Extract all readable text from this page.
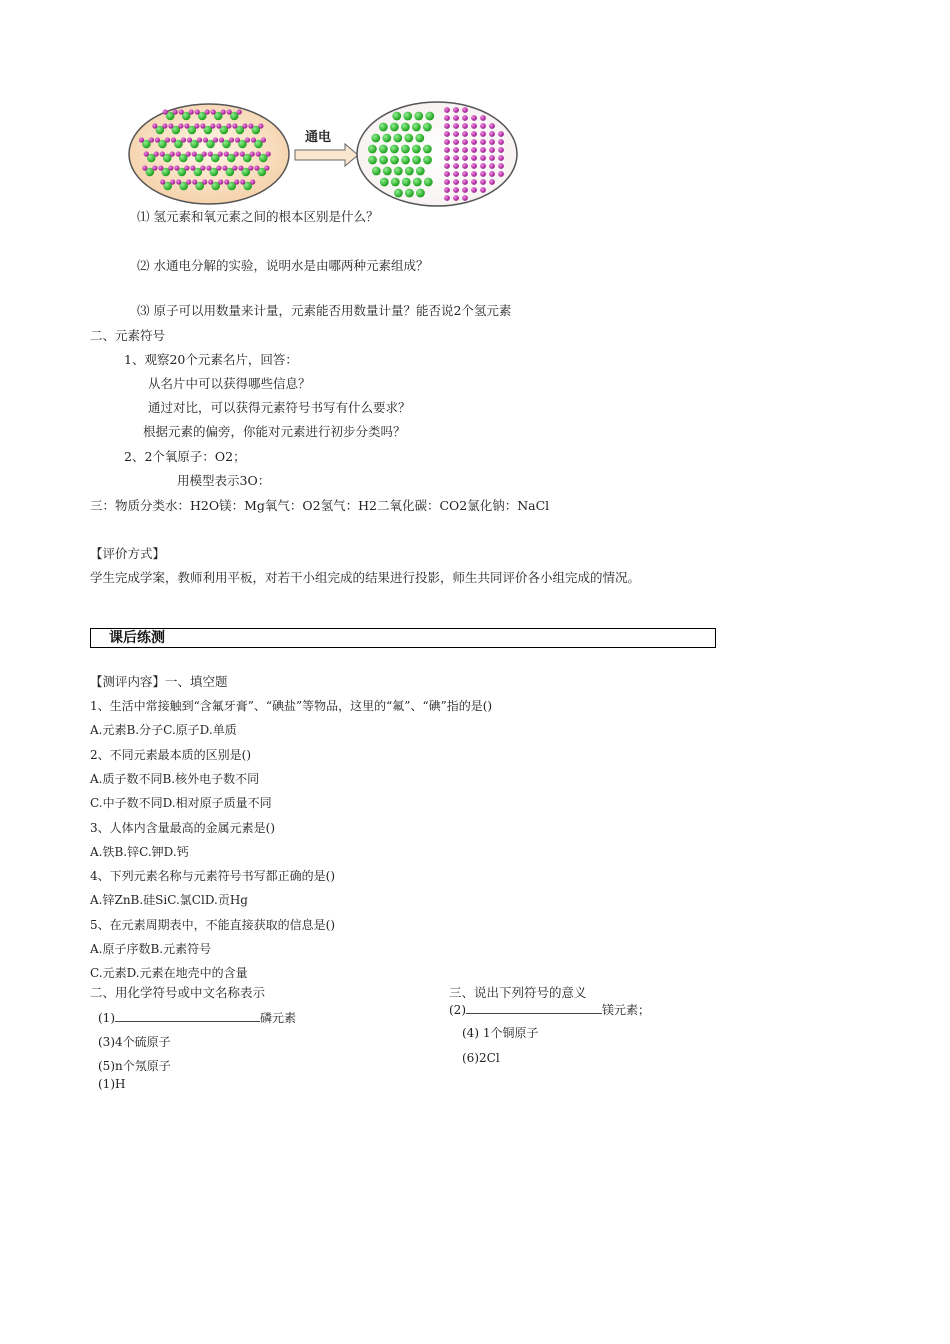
通电
⑴ 氢元素和氧元素之间的根本区别是什么？
⑵ 水通电分解的实验，说明水是由哪两种元素组成？
⑶ 原子可以用数量来计量，元素能否用数量计量？能否说2个氢元素
二、元素符号
1、观察20个元素名片，回答：
从名片中可以获得哪些信息？
通过对比，可以获得元素符号书写有什么要求？
根据元素的偏旁，你能对元素进行初步分类吗？
2、2个氧原子：O2；
用模型表示3O：
三：物质分类水：H2O镁：Mg氧气：O2氢气：H2二氧化碳：CO2氯化钠：NaCl
【评价方式】
学生完成学案，教师利用平板，对若干小组完成的结果进行投影，师生共同评价各小组完成的情况。
课后练测
【测评内容】一、填空题
1、生活中常接触到“含氟牙膏”、“碘盐”等物品，这里的“氟”、“碘”指的是()
A.元素B.分子C.原子D.单质
2、不同元素最本质的区别是()
A.质子数不同B.核外电子数不同
C.中子数不同D.相对原子质量不同
3、人体内含量最高的金属元素是()
A.铁B.锌C.钾D.钙
4、下列元素名称与元素符号书写都正确的是()
A.锌ZnB.硅SiC.氯ClD.贡Hg
5、在元素周期表中，不能直接获取的信息是()
A.原子序数B.元素符号
C.元素D.元素在地壳中的含量
二、用化学符号或中文名称表示
(1)	磷元素
(3)4个硫原子
(5)n个氖原子
(1)H
三、说出下列符号的意义
(2)	镁元素；
(4) 1个铜原子
(6)2Cl
